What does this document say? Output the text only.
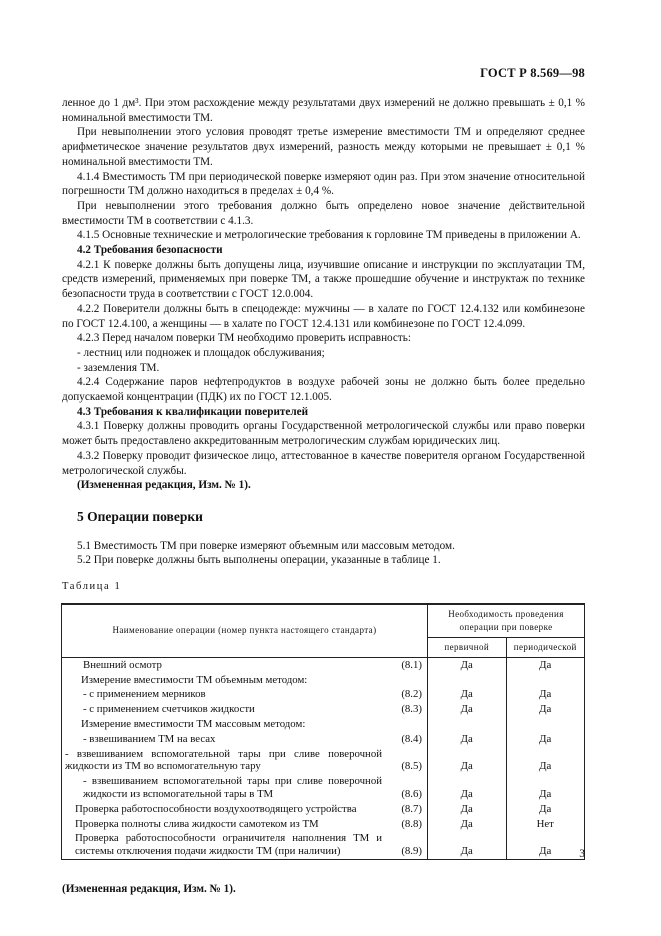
ГОСТ Р 8.569—98

ленное до 1 дм³. При этом расхождение между результатами двух измерений не должно превышать ± 0,1 % номинальной вместимости ТМ.

При невыполнении этого условия проводят третье измерение вместимости ТМ и определяют среднее арифметическое значение результатов двух измерений, разность между которыми не превышает ± 0,1 % номинальной вместимости ТМ.

4.1.4 Вместимость ТМ при периодической поверке измеряют один раз. При этом значение относительной погрешности ТМ должно находиться в пределах ± 0,4 %.

При невыполнении этого требования должно быть определено новое значение действительной вместимости ТМ в соответствии с 4.1.3.

4.1.5 Основные технические и метрологические требования к горловине ТМ приведены в приложении А.

4.2 Требования безопасности

4.2.1 К поверке должны быть допущены лица, изучившие описание и инструкции по эксплуатации ТМ, средств измерений, применяемых при поверке ТМ, а также прошедшие обучение и инструктаж по технике безопасности труда в соответствии с ГОСТ 12.0.004.

4.2.2 Поверители должны быть в спецодежде: мужчины — в халате по ГОСТ 12.4.132 или комбинезоне по ГОСТ 12.4.100, а женщины — в халате по ГОСТ 12.4.131 или комбинезоне по ГОСТ 12.4.099.

4.2.3 Перед началом поверки ТМ необходимо проверить исправность:

- лестниц или подножек и площадок обслуживания;

- заземления ТМ.

4.2.4 Содержание паров нефтепродуктов в воздухе рабочей зоны не должно быть более предельно допускаемой концентрации (ПДК) их по ГОСТ 12.1.005.

4.3 Требования к квалификации поверителей

4.3.1 Поверку должны проводить органы Государственной метрологической службы или право поверки может быть предоставлено аккредитованным метрологическим службам юридических лиц.

4.3.2 Поверку проводит физическое лицо, аттестованное в качестве поверителя органом Государственной метрологической службы.

(Измененная редакция, Изм. № 1).

5 Операции поверки

5.1 Вместимость ТМ при поверке измеряют объемным или массовым методом.

5.2 При поверке должны быть выполнены операции, указанные в таблице 1.

Таблица 1

Наименование операции (номер пункта настоящего стандарта)	Необходимость проведения операции при поверке	
	первичной	периодической

Внешний осмотр (8.1)	Да	Да

Измерение вместимости ТМ объемным методом:		

- с применением мерников (8.2)	Да	Да

- с применением счетчиков жидкости (8.3)	Да	Да

Измерение вместимости ТМ массовым методом:		

- взвешиванием ТМ на весах (8.4)	Да	Да

- взвешиванием вспомогательной тары при сливе поверочной жидкости из ТМ во вспомогательную тару (8.5)	Да	Да

- взвешиванием вспомогательной тары при сливе поверочной жидкости из вспомогательной тары в ТМ (8.6)	Да	Да

Проверка работоспособности воздухоотводящего устройства (8.7)	Да	Да

Проверка полноты слива жидкости самотеком из ТМ (8.8)	Да	Нет

Проверка работоспособности ограничителя наполнения ТМ и системы отключения подачи жидкости ТМ (при наличии) (8.9)	Да	Да

(Измененная редакция, Изм. № 1).

3
